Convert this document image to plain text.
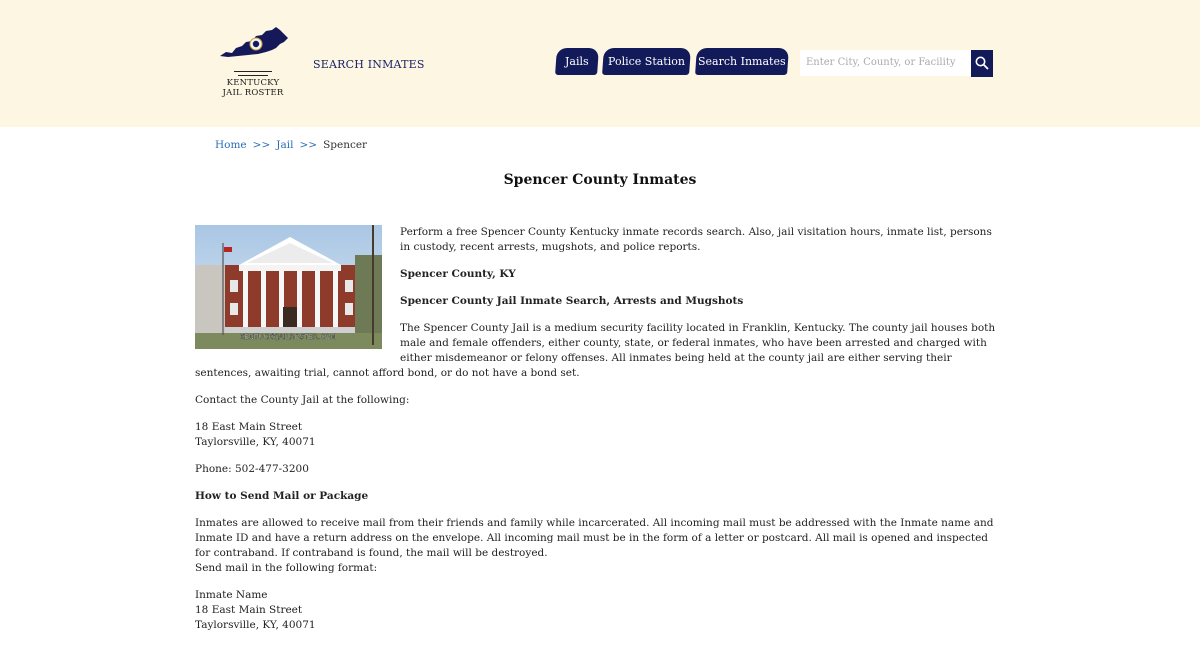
KENTUCKY
JAIL ROSTER
SEARCH INMATES	Jails	Police Station	Search Inmates	Enter City, County, or Facility
Home >> Jail >> Spencer
Spencer County Inmates
KENTUCKYJAILROSTER.COM

Perform a free Spencer County Kentucky inmate records search. Also, jail visitation hours, inmate list, persons in custody, recent arrests, mugshots, and police reports.

Spencer County, KY

Spencer County Jail Inmate Search, Arrests and Mugshots

The Spencer County Jail is a medium security facility located in Franklin, Kentucky. The county jail houses both male and female offenders, either county, state, or federal inmates, who have been arrested and charged with either misdemeanor or felony offenses. All inmates being held at the county jail are either serving their sentences, awaiting trial, cannot afford bond, or do not have a bond set.

Contact the County Jail at the following:

18 East Main Street
Taylorsville, KY, 40071

Phone: 502-477-3200

How to Send Mail or Package

Inmates are allowed to receive mail from their friends and family while incarcerated. All incoming mail must be addressed with the Inmate name and Inmate ID and have a return address on the envelope. All incoming mail must be in the form of a letter or postcard. All mail is opened and inspected for contraband. If contraband is found, the mail will be destroyed.
Send mail in the following format:

Inmate Name
18 East Main Street
Taylorsville, KY, 40071
